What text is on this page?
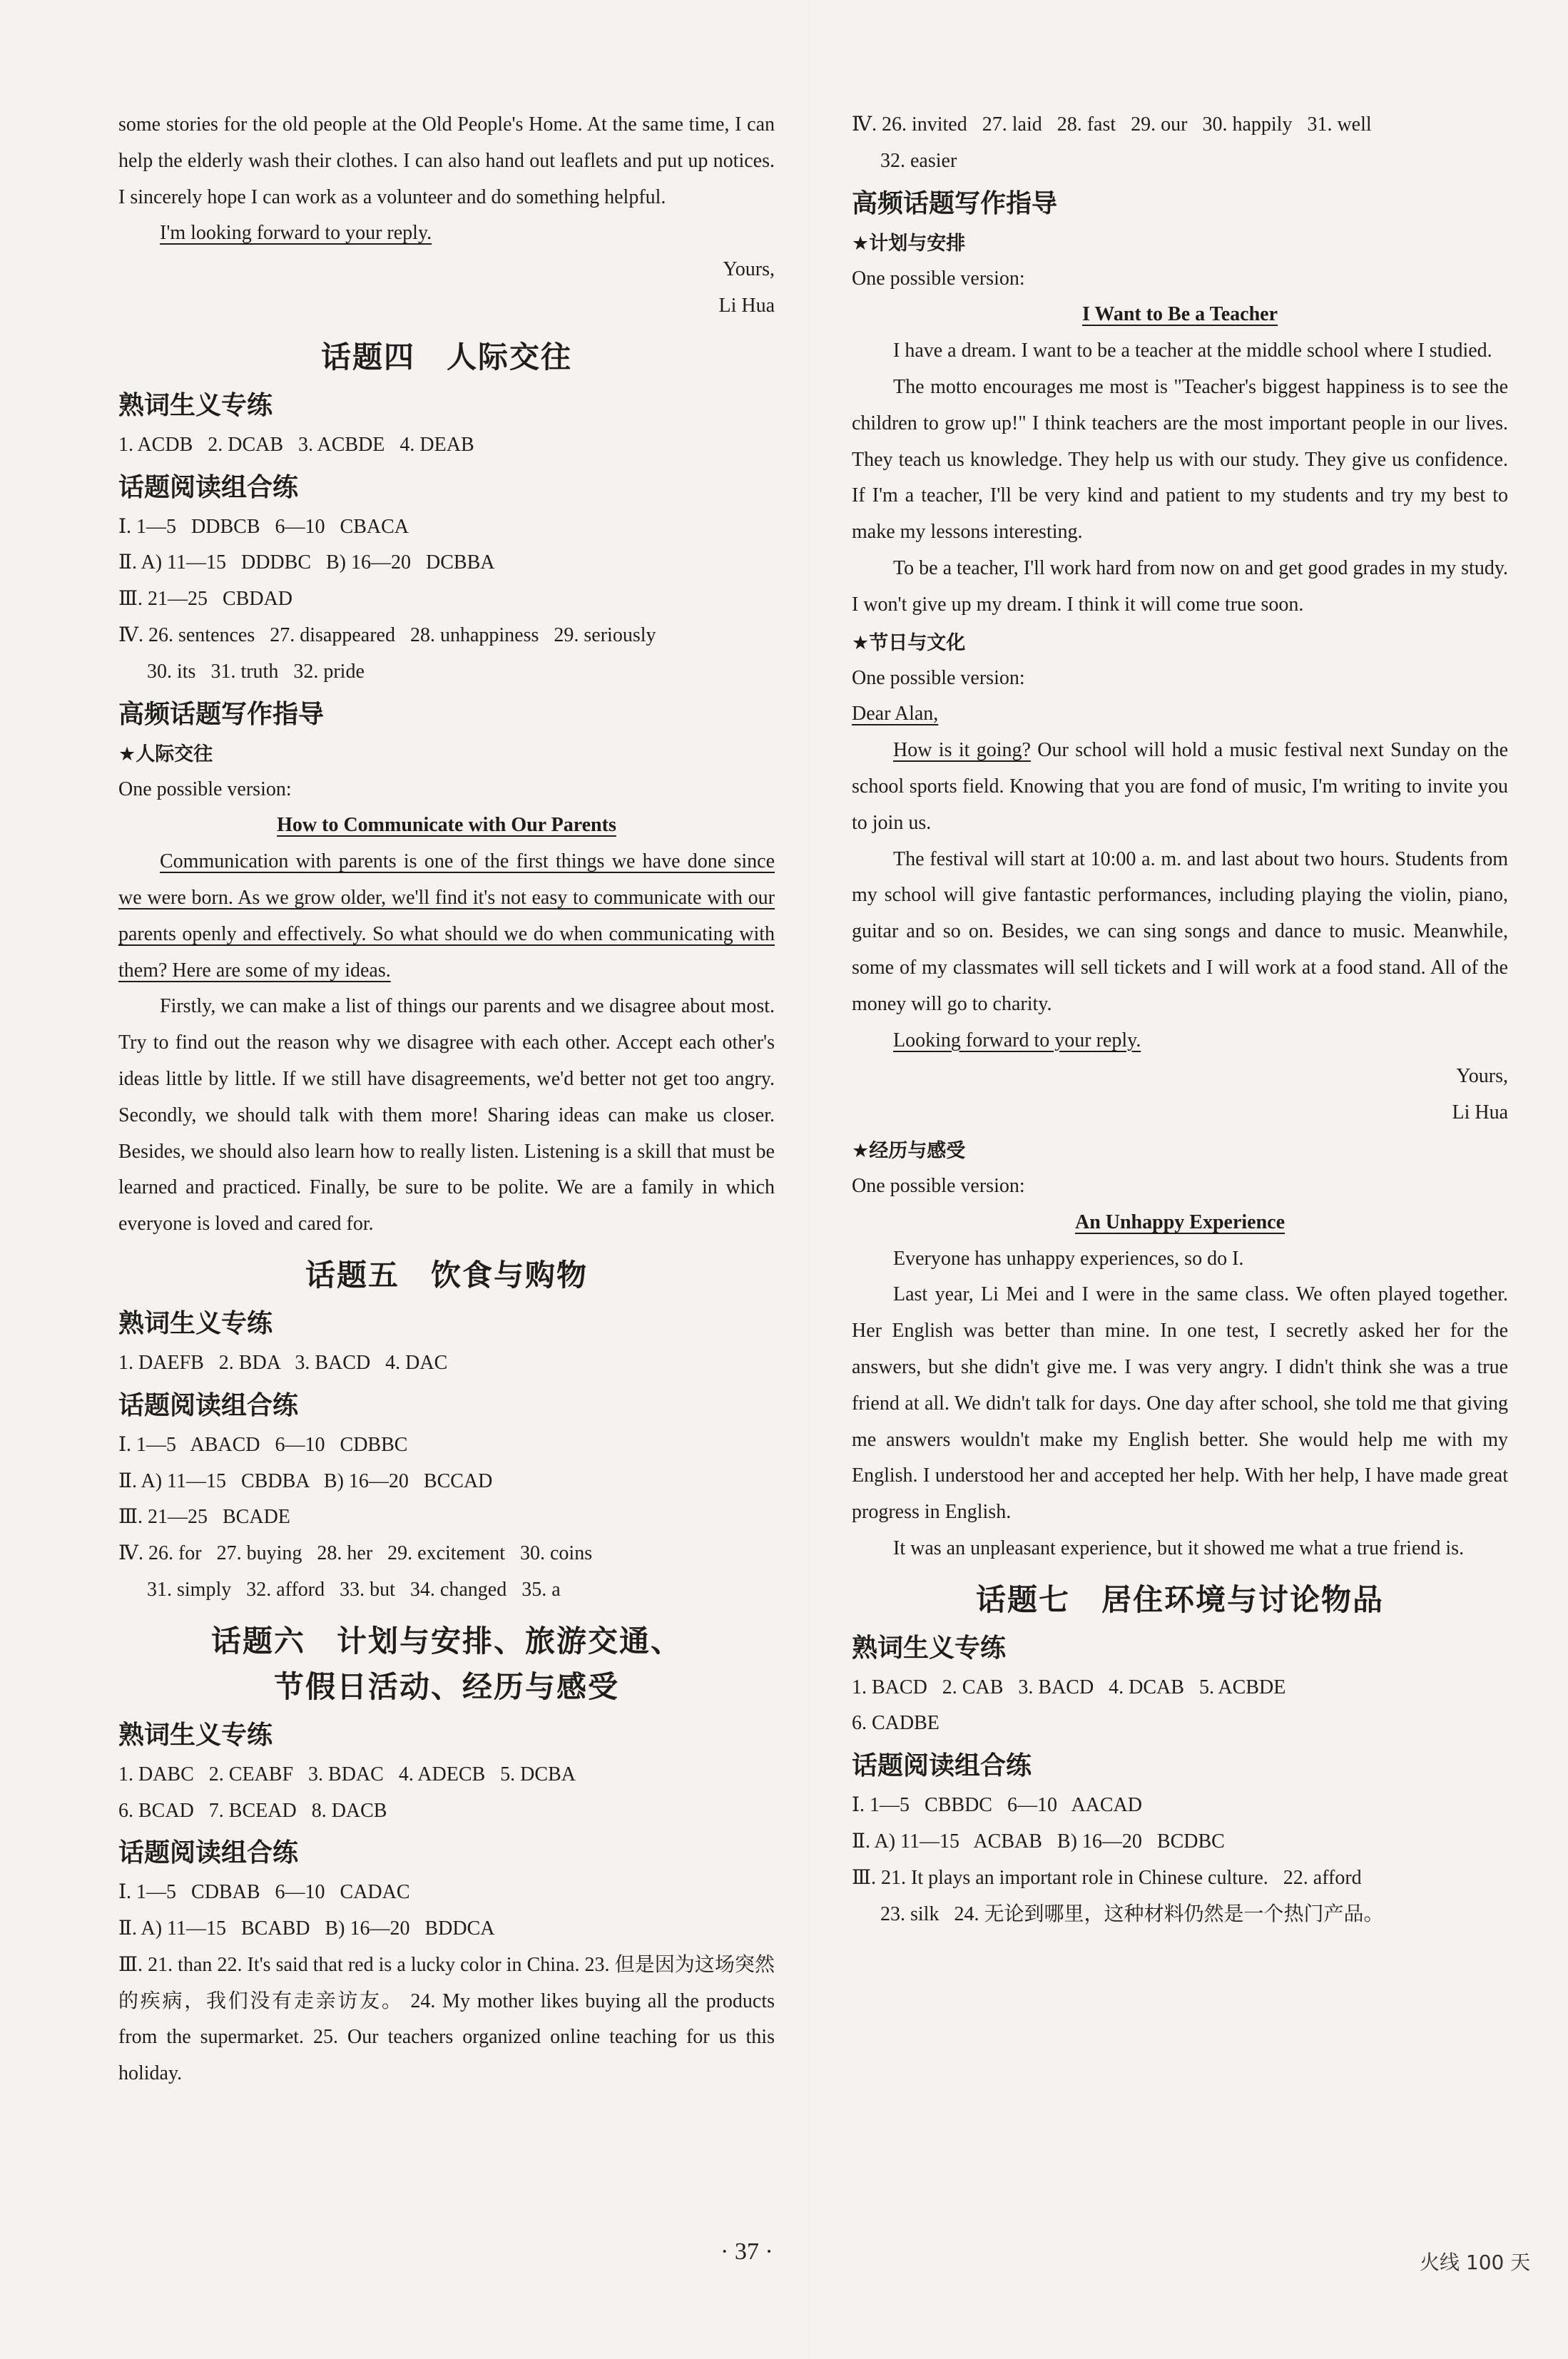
some stories for the old people at the Old People's Home. At the same time, I can help the elderly wash their clothes. I can also hand out leaflets and put up notices. I sincerely hope I can work as a volunteer and do something helpful.

I'm looking forward to your reply.

Yours,

Li Hua

话题四　人际交往
熟词生义专练

1. ACDB   2. DCAB   3. ACBDE   4. DEAB

话题阅读组合练

Ⅰ. 1—5   DDBCB   6—10   CBACA

Ⅱ. A) 11—15   DDDBC   B) 16—20   DCBBA

Ⅲ. 21—25   CBDAD

Ⅳ. 26. sentences   27. disappeared   28. unhappiness   29. seriously

30. its   31. truth   32. pride

高频话题写作指导
★人际交往

One possible version:

How to Communicate with Our Parents

Communication with parents is one of the first things we have done since we were born. As we grow older, we'll find it's not easy to communicate with our parents openly and effectively. So what should we do when communicating with them? Here are some of my ideas.

Firstly, we can make a list of things our parents and we disagree about most. Try to find out the reason why we disagree with each other. Accept each other's ideas little by little. If we still have disagreements, we'd better not get too angry. Secondly, we should talk with them more! Sharing ideas can make us closer. Besides, we should also learn how to really listen. Listening is a skill that must be learned and practiced. Finally, be sure to be polite. We are a family in which everyone is loved and cared for.

话题五　饮食与购物
熟词生义专练

1. DAEFB   2. BDA   3. BACD   4. DAC

话题阅读组合练

Ⅰ. 1—5   ABACD   6—10   CDBBC

Ⅱ. A) 11—15   CBDBA   B) 16—20   BCCAD

Ⅲ. 21—25   BCADE

Ⅳ. 26. for   27. buying   28. her   29. excitement   30. coins

31. simply   32. afford   33. but   34. changed   35. a

话题六　计划与安排、旅游交通、
节假日活动、经历与感受
熟词生义专练

1. DABC   2. CEABF   3. BDAC   4. ADECB   5. DCBA

6. BCAD   7. BCEAD   8. DACB

话题阅读组合练

Ⅰ. 1—5   CDBAB   6—10   CADAC

Ⅱ. A) 11—15   BCABD   B) 16—20   BDDCA

Ⅲ. 21. than 22. It's said that red is a lucky color in China. 23. 但是因为这场突然的疾病，我们没有走亲访友。 24. My mother likes buying all the products from the supermarket. 25. Our teachers organized online teaching for us this holiday.

Ⅳ. 26. invited   27. laid   28. fast   29. our   30. happily   31. well

32. easier

高频话题写作指导
★计划与安排

One possible version:

I Want to Be a Teacher

I have a dream. I want to be a teacher at the middle school where I studied.

The motto encourages me most is "Teacher's biggest happiness is to see the children to grow up!" I think teachers are the most important people in our lives. They teach us knowledge. They help us with our study. They give us confidence. If I'm a teacher, I'll be very kind and patient to my students and try my best to make my lessons interesting.

To be a teacher, I'll work hard from now on and get good grades in my study. I won't give up my dream. I think it will come true soon.

★节日与文化

One possible version:

Dear Alan,

How is it going? Our school will hold a music festival next Sunday on the school sports field. Knowing that you are fond of music, I'm writing to invite you to join us.

The festival will start at 10:00 a. m. and last about two hours. Students from my school will give fantastic performances, including playing the violin, piano, guitar and so on. Besides, we can sing songs and dance to music. Meanwhile, some of my classmates will sell tickets and I will work at a food stand. All of the money will go to charity.

Looking forward to your reply.

Yours,

Li Hua

★经历与感受

One possible version:

An Unhappy Experience

Everyone has unhappy experiences, so do I.

Last year, Li Mei and I were in the same class. We often played together. Her English was better than mine. In one test, I secretly asked her for the answers, but she didn't give me. I was very angry. I didn't think she was a true friend at all. We didn't talk for days. One day after school, she told me that giving me answers wouldn't make my English better. She would help me with my English. I understood her and accepted her help. With her help, I have made great progress in English.

It was an unpleasant experience, but it showed me what a true friend is.

话题七　居住环境与讨论物品
熟词生义专练

1. BACD   2. CAB   3. BACD   4. DCAB   5. ACBDE

6. CADBE

话题阅读组合练

Ⅰ. 1—5   CBBDC   6—10   AACAD

Ⅱ. A) 11—15   ACBAB   B) 16—20   BCDBC

Ⅲ. 21. It plays an important role in Chinese culture.   22. afford

23. silk   24. 无论到哪里，这种材料仍然是一个热门产品。

· 37 ·	火线 100 天
